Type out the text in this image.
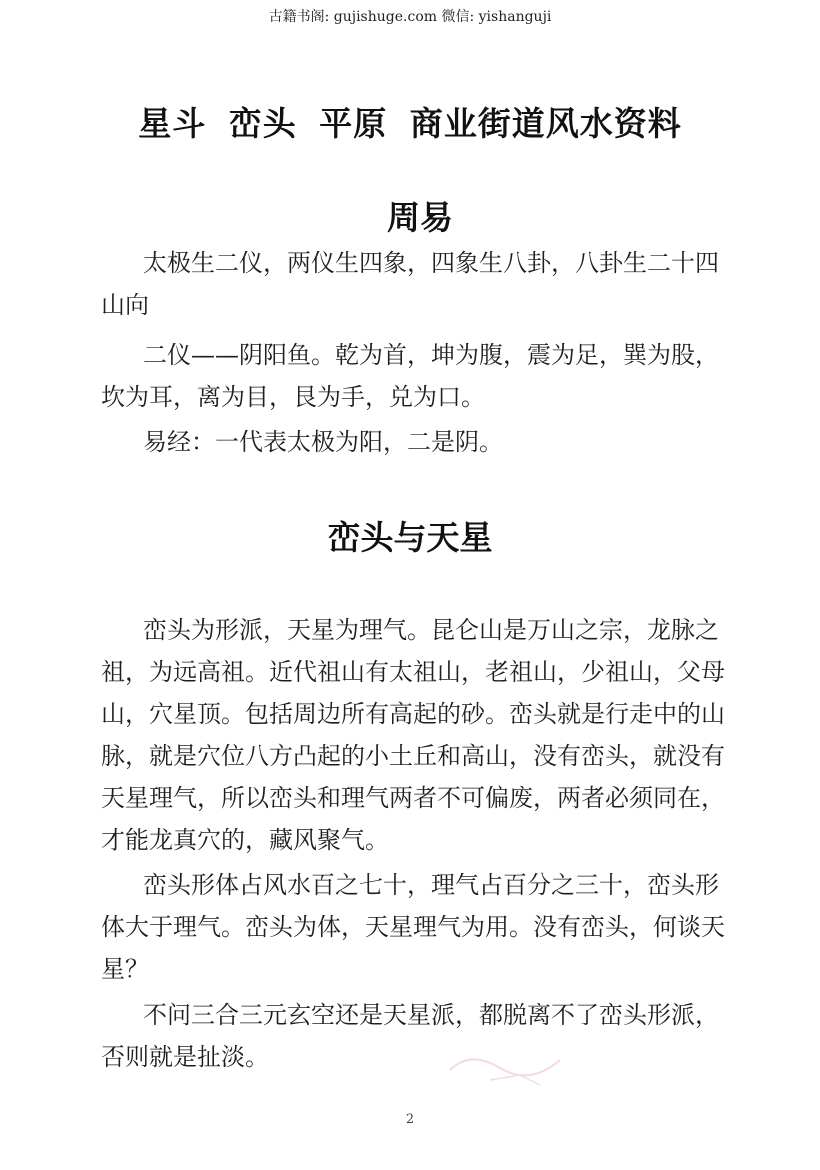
古籍书阁: gujishuge.com 微信: yishanguji
星斗 峦头 平原 商业街道风水资料
周易
太极生二仪，两仪生四象，四象生八卦，八卦生二十四
山向
二仪——阴阳鱼。乾为首，坤为腹，震为足，巽为股，
坎为耳，离为目，艮为手，兑为口。
易经：一代表太极为阳，二是阴。
峦头与天星
峦头为形派，天星为理气。昆仑山是万山之宗，龙脉之
祖，为远高祖。近代祖山有太祖山，老祖山，少祖山，父母
山，穴星顶。包括周边所有高起的砂。峦头就是行走中的山
脉，就是穴位八方凸起的小土丘和高山，没有峦头，就没有
天星理气，所以峦头和理气两者不可偏废，两者必须同在，
才能龙真穴的，藏风聚气。
峦头形体占风水百之七十，理气占百分之三十，峦头形
体大于理气。峦头为体，天星理气为用。没有峦头，何谈天
星？
不问三合三元玄空还是天星派，都脱离不了峦头形派，
否则就是扯淡。
2
